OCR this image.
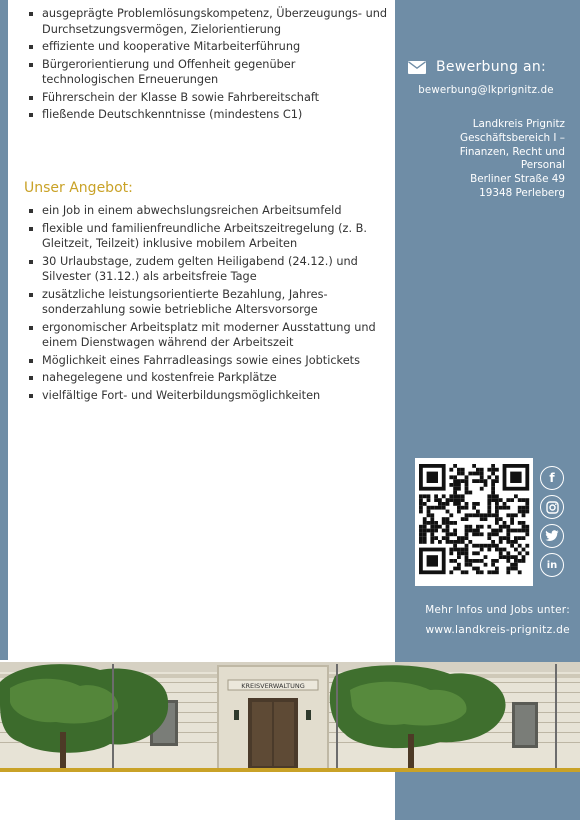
ausgeprägte Problemlösungskompetenz, Überzeugungs- und Durchsetzungsvermögen, Zielorientierung
effiziente und kooperative Mitarbeiterführung
Bürgerorientierung und Offenheit gegenüber technologischen Erneuerungen
Führerschein der Klasse B sowie Fahrbereitschaft
fließende Deutschkenntnisse (mindestens C1)
Unser Angebot:
ein Job in einem abwechslungsreichen Arbeitsumfeld
flexible und familienfreundliche Arbeitszeitregelung (z. B. Gleitzeit, Teilzeit) inklusive mobilem Arbeiten
30 Urlaubstage, zudem gelten Heiligabend (24.12.) und Silvester (31.12.) als arbeitsfreie Tage
zusätzliche leistungsorientierte Bezahlung, Jahressonderzahlung sowie betriebliche Altersvorsorge
ergonomischer Arbeitsplatz mit moderner Ausstattung und einem Dienstwagen während der Arbeitszeit
Möglichkeit eines Fahrradleasings sowie eines Jobtickets
nahegelegene und kostenfreie Parkplätze
vielfältige Fort- und Weiterbildungsmöglichkeiten
Bewerbung an:
bewerbung@lkprignitz.de
Landkreis Prignitz
Geschäftsbereich I –
Finanzen, Recht und
Personal
Berliner Straße 49
19348 Perleberg
f
in
Mehr Infos und Jobs unter:
www.landkreis-prignitz.de
KREISVERWALTUNG
